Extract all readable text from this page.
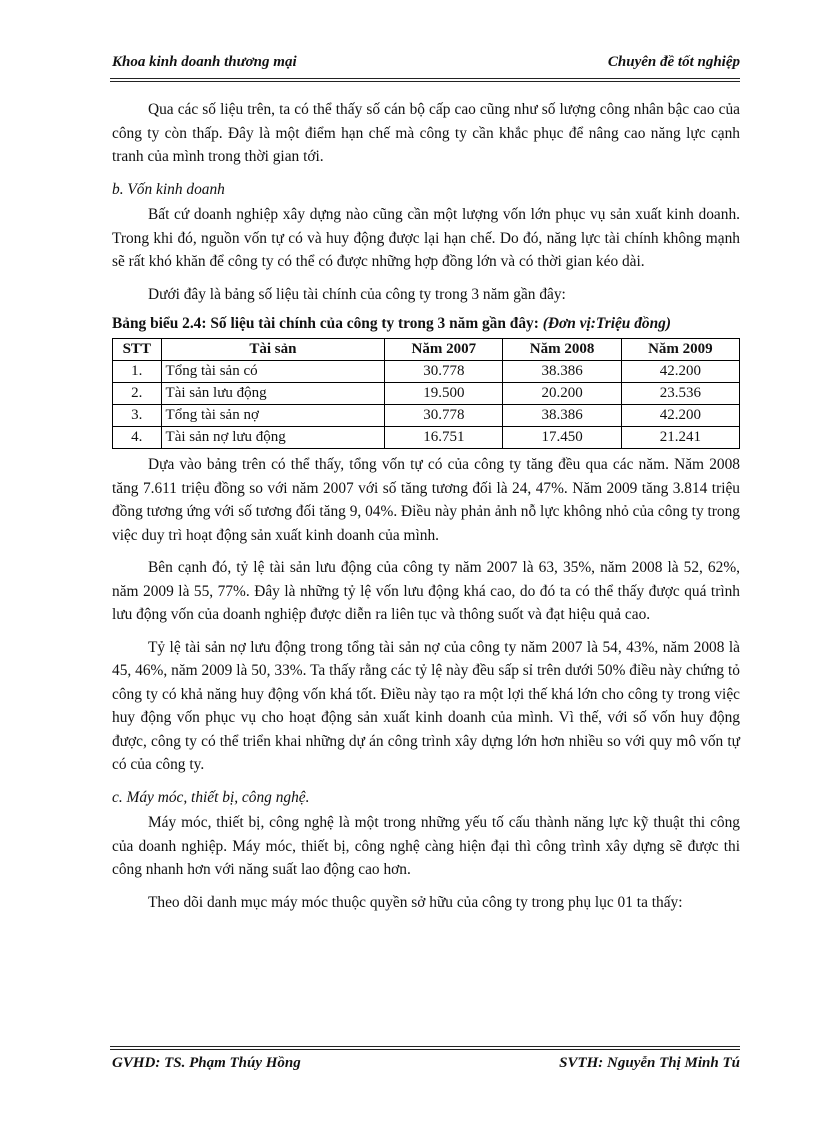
Khoa kinh doanh thương mại	Chuyên đề tốt nghiệp

Qua các số liệu trên, ta có thể thấy số cán bộ cấp cao cũng như số lượng công nhân bậc cao của công ty còn thấp. Đây là một điểm hạn chế mà công ty cần khắc phục để nâng cao năng lực cạnh tranh của mình trong thời gian tới.

b. Vốn kinh doanh

Bất cứ doanh nghiệp xây dựng nào cũng cần một lượng vốn lớn phục vụ sản xuất kinh doanh. Trong khi đó, nguồn vốn tự có và huy động được lại hạn chế. Do đó, năng lực tài chính không mạnh sẽ rất khó khăn để công ty có thể có được những hợp đồng lớn và có thời gian kéo dài.

Dưới đây là bảng số liệu tài chính của công ty trong 3 năm gần đây:

Bảng biểu 2.4: Số liệu tài chính của công ty trong 3 năm gần đây: (Đơn vị:Triệu đồng)
STT	Tài sản	Năm 2007	Năm 2008	Năm 2009
1.	Tổng tài sản có	30.778	38.386	42.200
2.	Tài sản lưu động	19.500	20.200	23.536
3.	Tổng tài sản nợ	30.778	38.386	42.200
4.	Tài sản nợ lưu động	16.751	17.450	21.241

Dựa vào bảng trên có thể thấy, tổng vốn tự có của công ty tăng đều qua các năm. Năm 2008 tăng 7.611 triệu đồng so với năm 2007 với số tăng tương đối là 24, 47%. Năm 2009 tăng 3.814 triệu đồng tương ứng với số tương đối tăng 9, 04%. Điều này phản ảnh nỗ lực không nhỏ của công ty trong việc duy trì hoạt động sản xuất kinh doanh của mình.

Bên cạnh đó, tỷ lệ tài sản lưu động của công ty năm 2007 là 63, 35%, năm 2008 là 52, 62%, năm 2009 là 55, 77%. Đây là những tỷ lệ vốn lưu động khá cao, do đó ta có thể thấy được quá trình lưu động vốn của doanh nghiệp được diễn ra liên tục và thông suốt và đạt hiệu quả cao.

Tỷ lệ tài sản nợ lưu động trong tổng tài sản nợ của công ty năm 2007 là 54, 43%, năm 2008 là 45, 46%, năm 2009 là 50, 33%. Ta thấy rằng các tỷ lệ này đều sấp sỉ trên dưới 50% điều này chứng tỏ công ty có khả năng huy động vốn khá tốt. Điều này tạo ra một lợi thế khá lớn cho công ty trong việc huy động vốn phục vụ cho hoạt động sản xuất kinh doanh của mình. Vì thế, với số vốn huy động được, công ty có thể triển khai những dự án công trình xây dựng lớn hơn nhiều so với quy mô vốn tự có của công ty.

c. Máy móc, thiết bị, công nghệ.

Máy móc, thiết bị, công nghệ là một trong những yếu tố cấu thành năng lực kỹ thuật thi công của doanh nghiệp. Máy móc, thiết bị, công nghệ càng hiện đại thì công trình xây dựng sẽ được thi công nhanh hơn với năng suất lao động cao hơn.

Theo dõi danh mục máy móc thuộc quyền sở hữu của công ty trong phụ lục 01 ta thấy:

GVHD: TS. Phạm Thúy Hồng	SVTH: Nguyễn Thị Minh Tú
